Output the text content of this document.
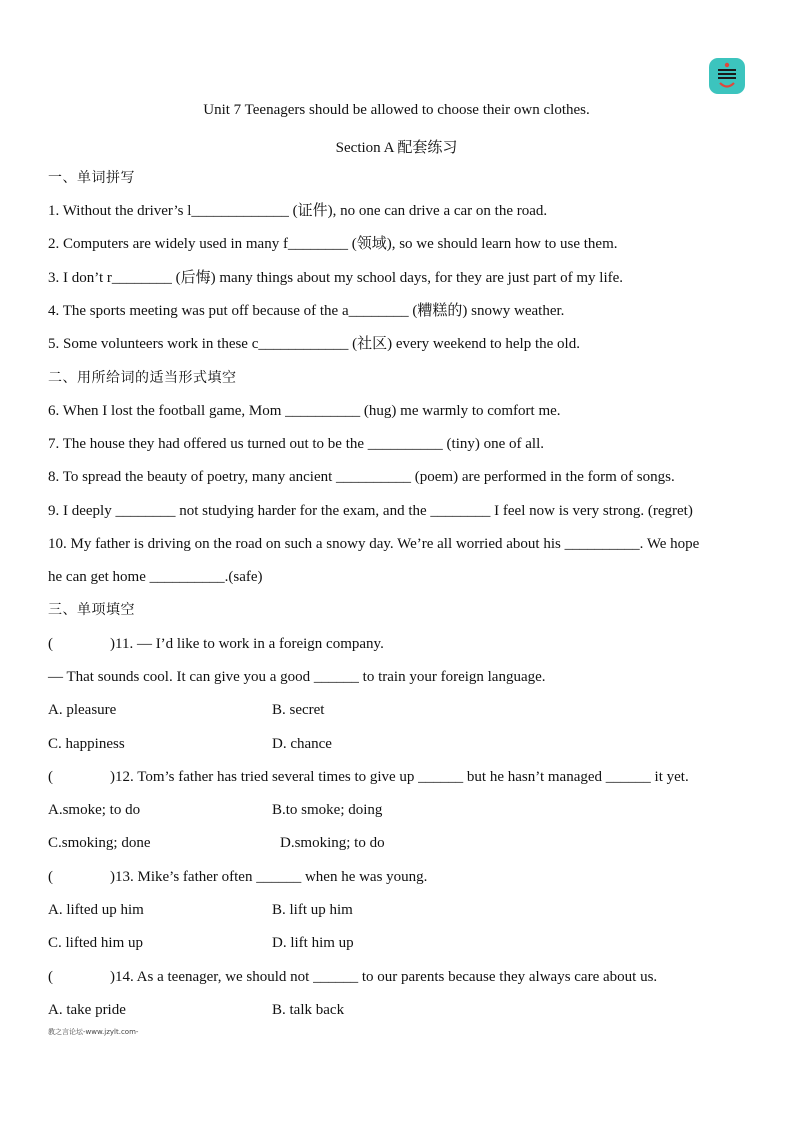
Unit 7 Teenagers should be allowed to choose their own clothes.
Section A 配套练习
一、单词拼写
1. Without the driver’s l_____________ (证件), no one can drive a car on the road.
2. Computers are widely used in many f________ (领域), so we should learn how to use them.
3. I don’t r________ (后悔) many things about my school days, for they are just part of my life.
4. The sports meeting was put off because of the a________ (糟糕的) snowy weather.
5. Some volunteers work in these c____________ (社区) every weekend to help the old.
二、用所给词的适当形式填空
6. When I lost the football game, Mom __________ (hug) me warmly to comfort me.
7. The house they had offered us turned out to be the __________ (tiny) one of all.
8. To spread the beauty of poetry, many ancient __________ (poem) are performed in the form of songs.
9. I deeply ________ not studying harder for the exam, and the ________ I feel now is very strong. (regret)
10. My father is driving on the road on such a snowy day. We’re all worried about his __________. We hope
he can get home __________.(safe)
三、单项填空
(	)11. — I’d like to work in a foreign company.
— That sounds cool. It can give you a good ______ to train your foreign language.
A. pleasure	B. secret
C. happiness	D. chance
(	)12. Tom’s father has tried several times to give up ______ but he hasn’t managed ______ it yet.
A.smoke; to do	B.to smoke; doing
C.smoking; done	D.smoking; to do
(	)13. Mike’s father often ______ when he was young.
A. lifted up him	B. lift up him
C. lifted him up	D. lift him up
(	)14. As a teenager, we should not ______ to our parents because they always care about us.
A. take pride	B. talk back
教之言论坛-www.jzylt.com-
